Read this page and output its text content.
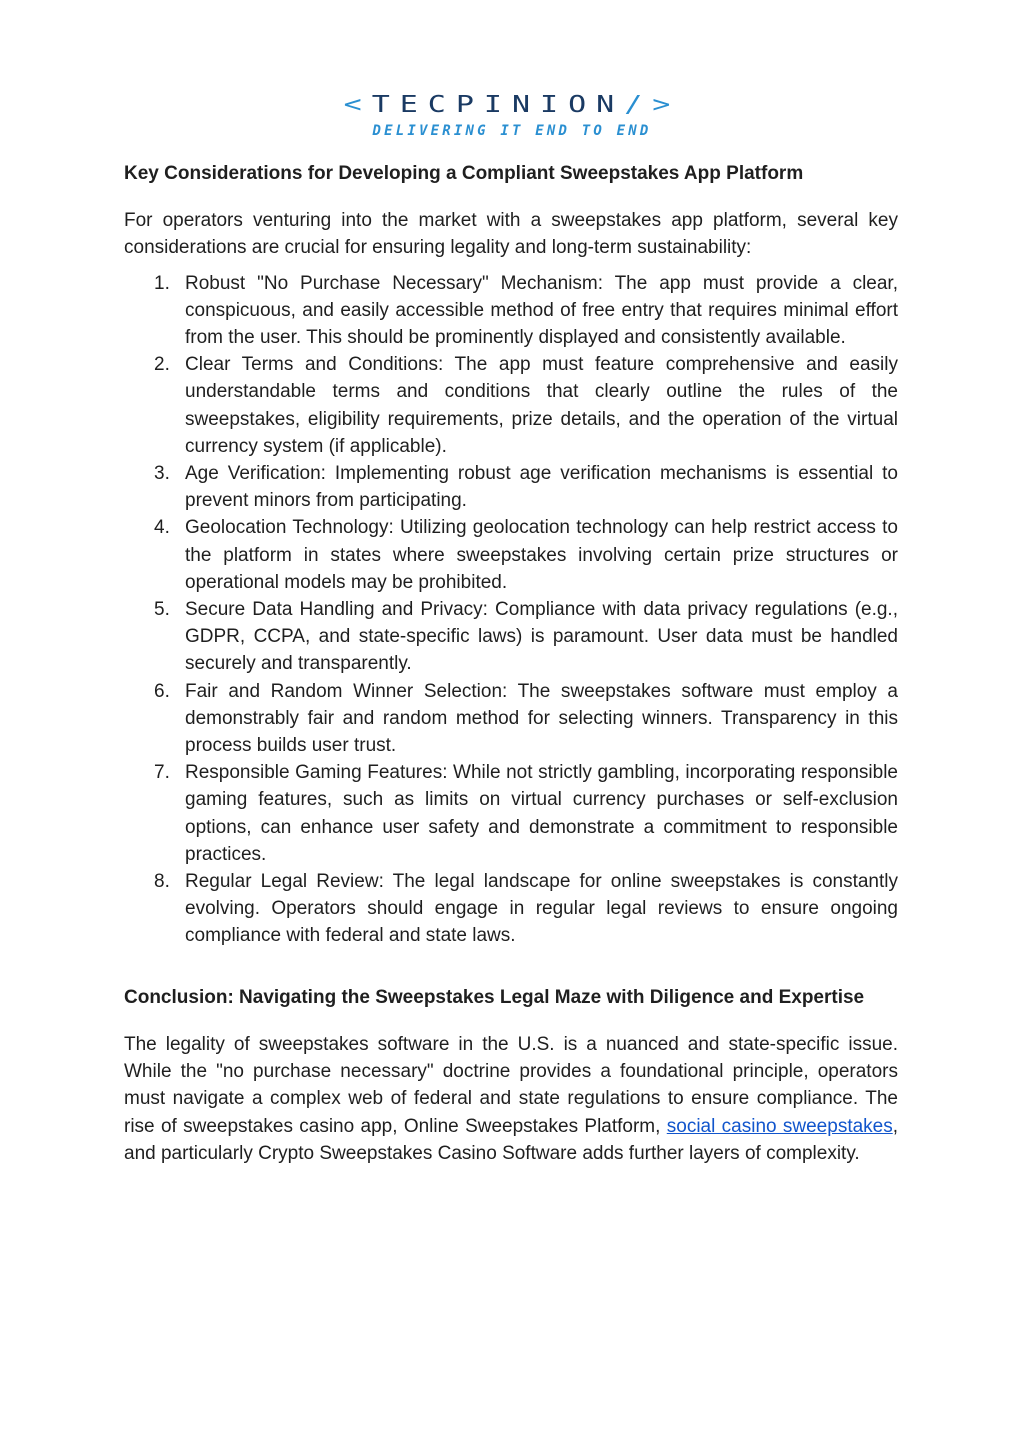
<TECPINION/>
DELIVERING IT END TO END
Key Considerations for Developing a Compliant Sweepstakes App Platform

For operators venturing into the market with a sweepstakes app platform, several key considerations are crucial for ensuring legality and long-term sustainability:

1. Robust "No Purchase Necessary" Mechanism: The app must provide a clear, conspicuous, and easily accessible method of free entry that requires minimal effort from the user. This should be prominently displayed and consistently available.
2. Clear Terms and Conditions: The app must feature comprehensive and easily understandable terms and conditions that clearly outline the rules of the sweepstakes, eligibility requirements, prize details, and the operation of the virtual currency system (if applicable).
3. Age Verification: Implementing robust age verification mechanisms is essential to prevent minors from participating.
4. Geolocation Technology: Utilizing geolocation technology can help restrict access to the platform in states where sweepstakes involving certain prize structures or operational models may be prohibited.
5. Secure Data Handling and Privacy: Compliance with data privacy regulations (e.g., GDPR, CCPA, and state-specific laws) is paramount. User data must be handled securely and transparently.
6. Fair and Random Winner Selection: The sweepstakes software must employ a demonstrably fair and random method for selecting winners. Transparency in this process builds user trust.
7. Responsible Gaming Features: While not strictly gambling, incorporating responsible gaming features, such as limits on virtual currency purchases or self-exclusion options, can enhance user safety and demonstrate a commitment to responsible practices.
8. Regular Legal Review: The legal landscape for online sweepstakes is constantly evolving. Operators should engage in regular legal reviews to ensure ongoing compliance with federal and state laws.
Conclusion: Navigating the Sweepstakes Legal Maze with Diligence and Expertise

The legality of sweepstakes software in the U.S. is a nuanced and state-specific issue. While the "no purchase necessary" doctrine provides a foundational principle, operators must navigate a complex web of federal and state regulations to ensure compliance. The rise of sweepstakes casino app, Online Sweepstakes Platform, social casino sweepstakes, and particularly Crypto Sweepstakes Casino Software adds further layers of complexity.
